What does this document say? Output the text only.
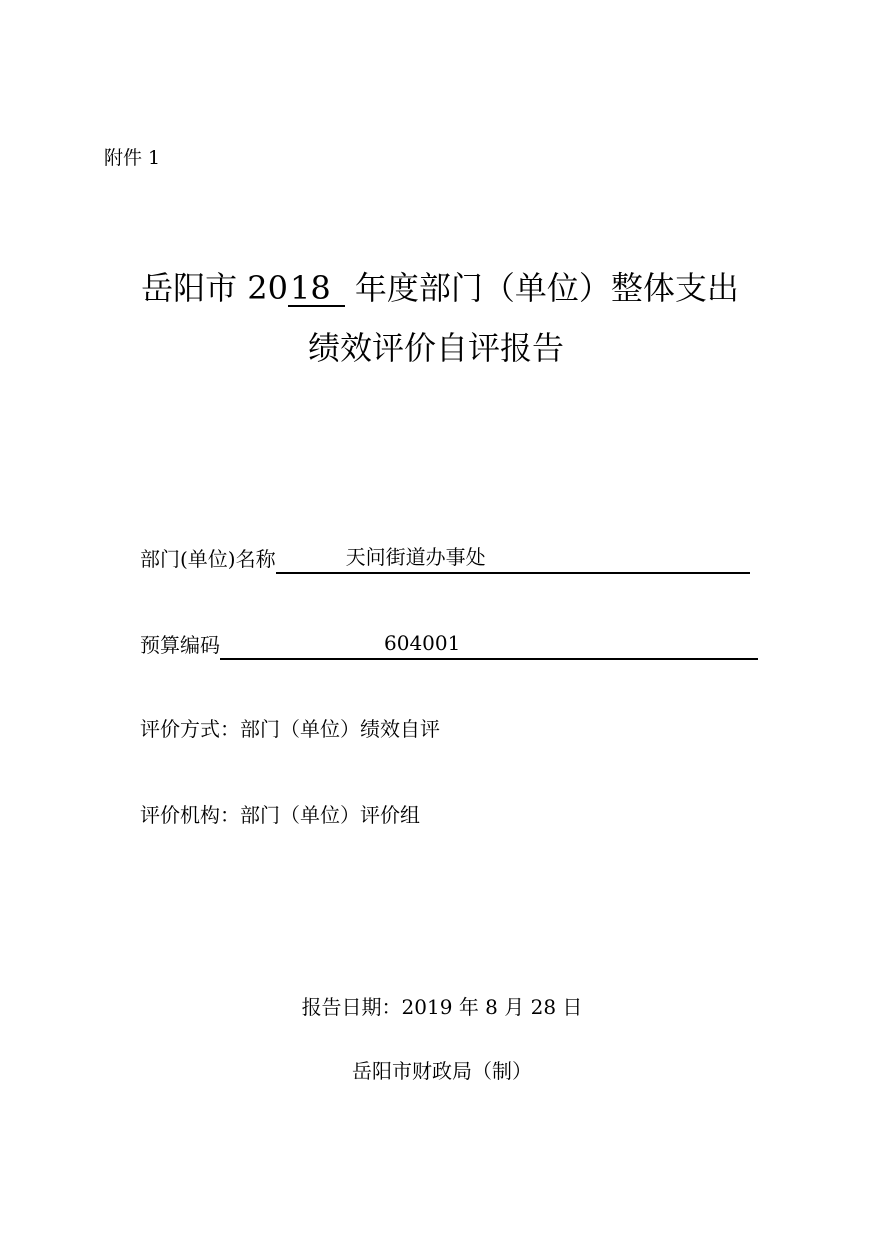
附件 1
岳阳市 2018 年度部门（单位）整体支出
绩效评价自评报告
部门(单位)名称	天问街道办事处
预算编码	604001
评价方式：部门（单位）绩效自评
评价机构：部门（单位）评价组
报告日期：2019 年 8 月 28 日
岳阳市财政局（制）
